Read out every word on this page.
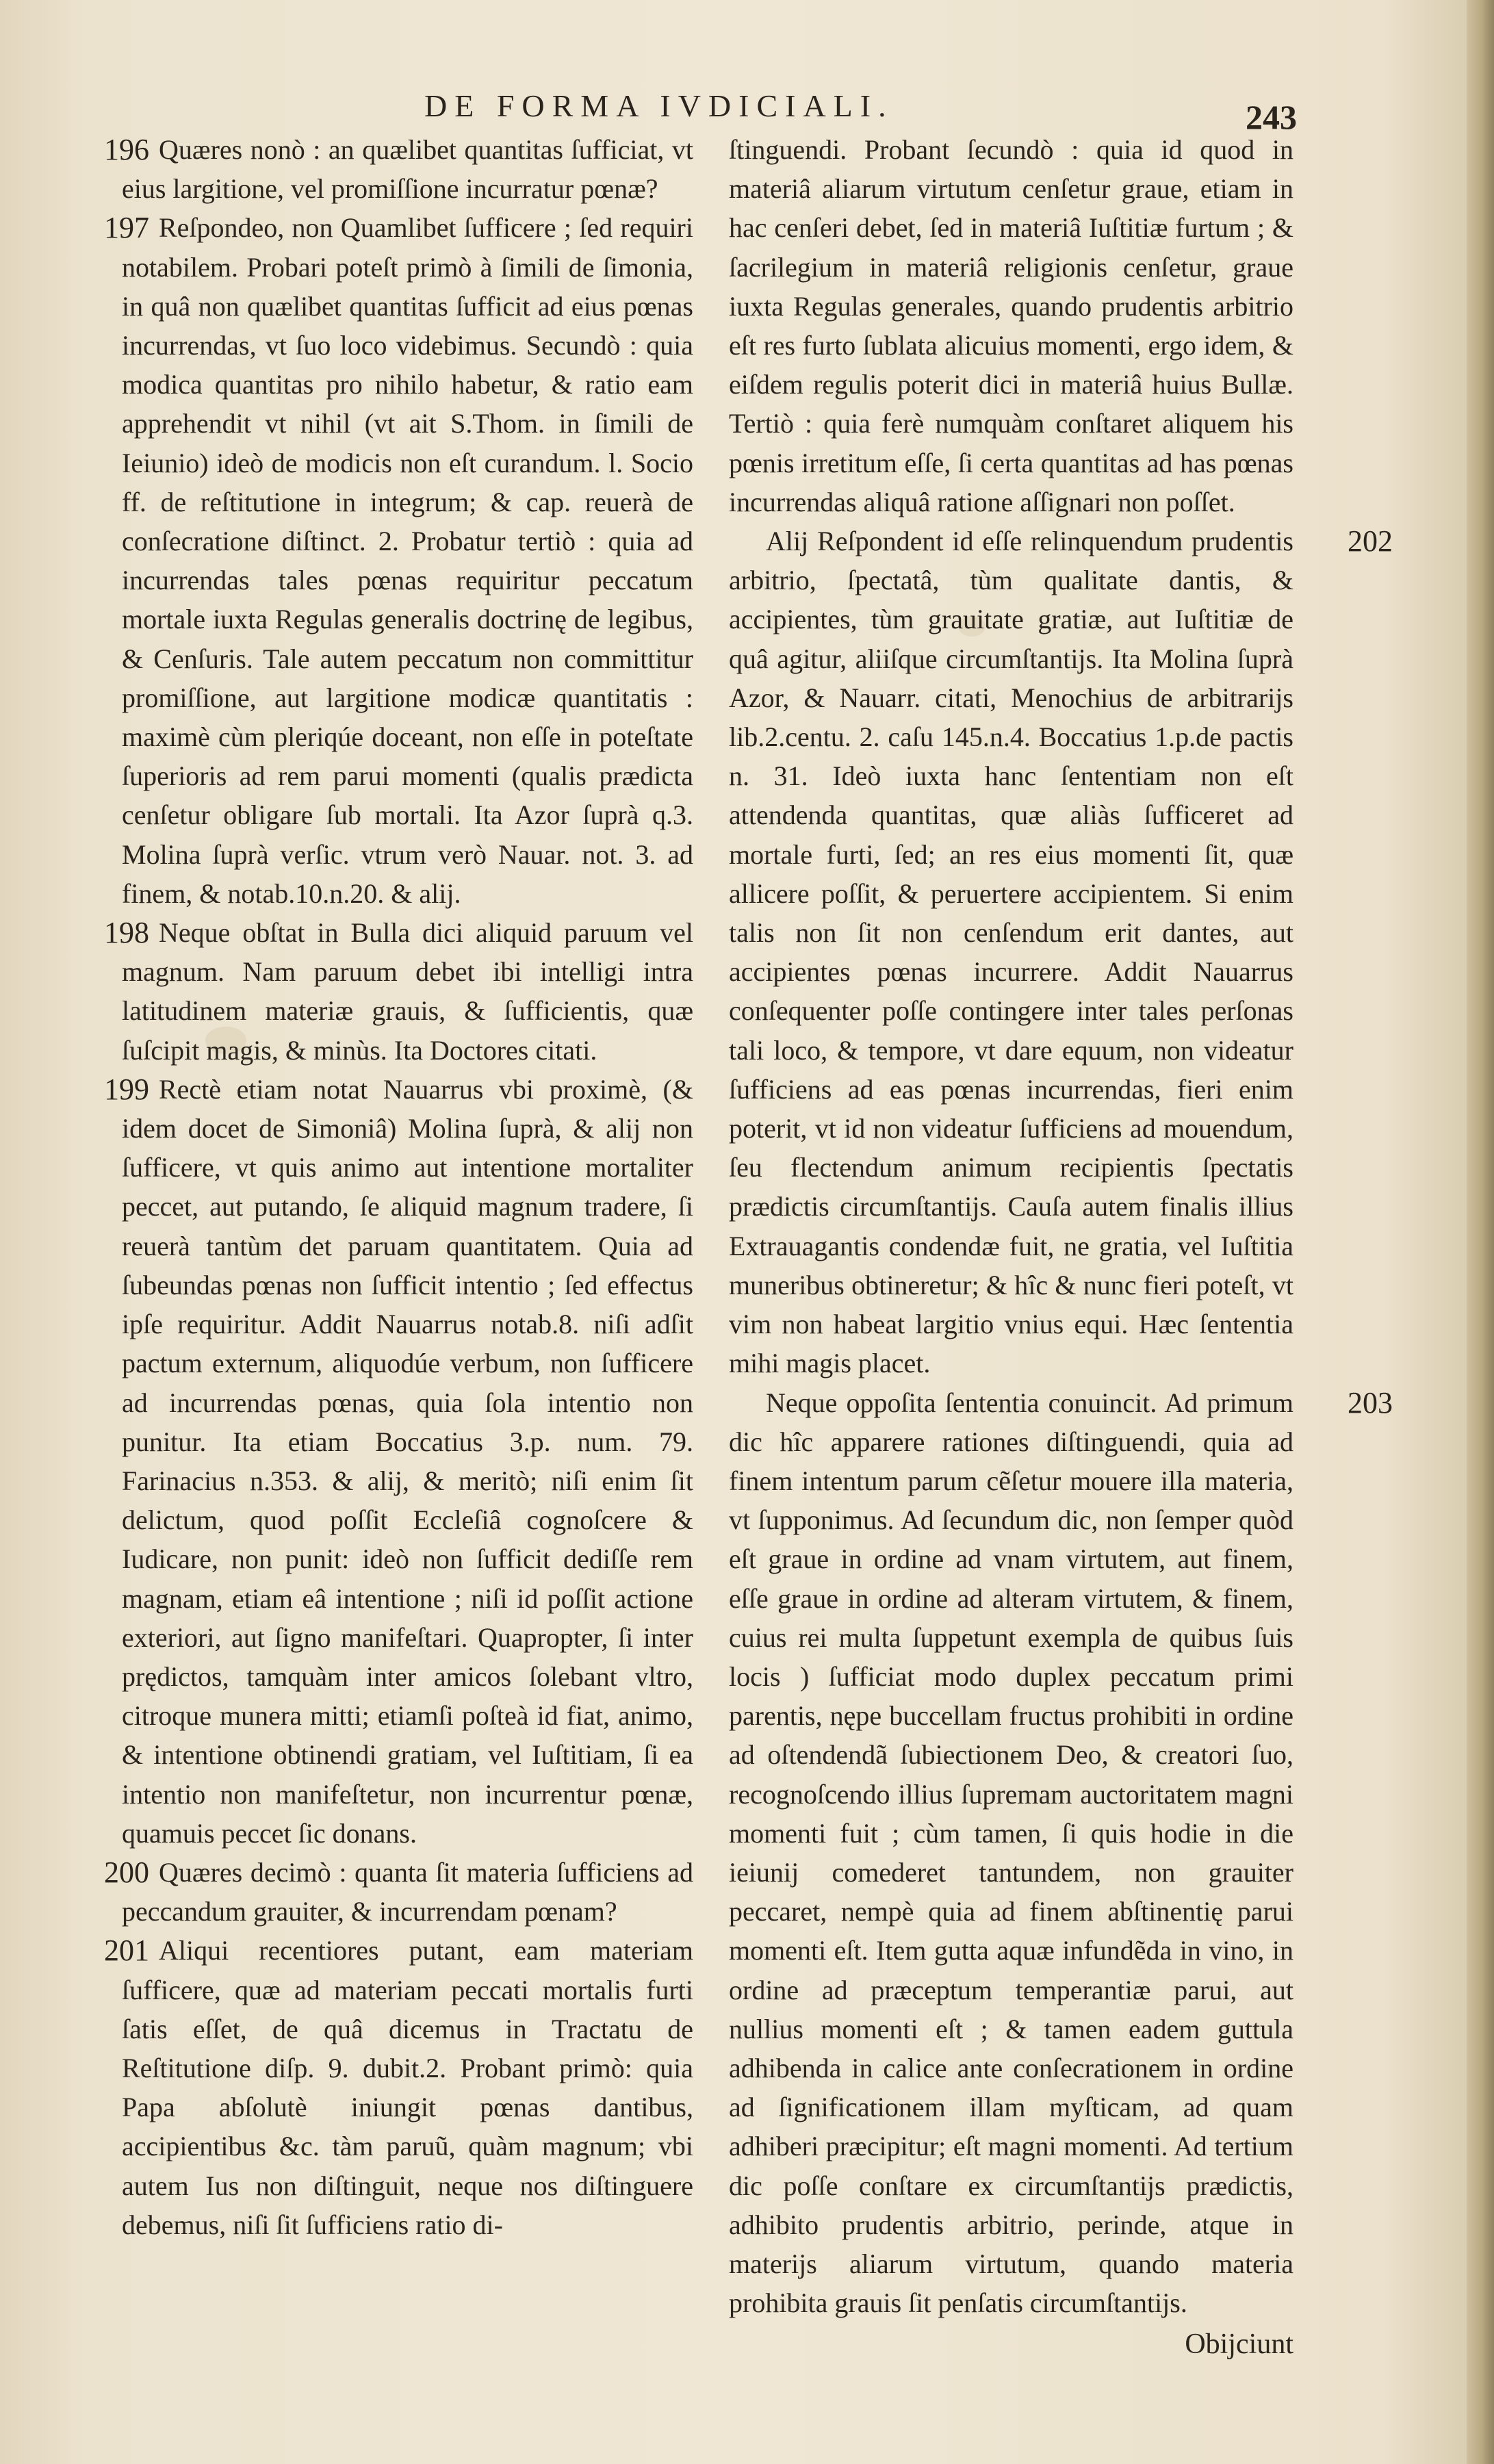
DE FORMA IVDICIALI.	243

196 Quæres nonò : an quælibet quantitas ſufficiat, vt eius largitione, vel promiſſione incurratur pœnæ?

197 Reſpondeo, non Quamlibet ſufficere ; ſed requiri notabilem. Probari poteſt primò à ſimili de ſimonia, in quâ non quælibet quantitas ſufficit ad eius pœnas incurrendas, vt ſuo loco videbimus. Secundò : quia modica quantitas pro nihilo habetur, & ratio eam apprehendit vt nihil (vt ait S.Thom. in ſimili de Ieiunio) ideò de modicis non eſt curandum. l. Socio ff. de reſtitutione in integrum; & cap. reuerà de conſecratione diſtinct. 2. Probatur tertiò : quia ad incurrendas tales pœnas requiritur peccatum mortale iuxta Regulas generalis doctrinę de legibus, & Cenſuris. Tale autem peccatum non committitur promiſſione, aut largitione modicæ quantitatis : maximè cùm pleriqúe doceant, non eſſe in poteſtate ſuperioris ad rem parui momenti (qualis prædicta cenſetur obligare ſub mortali. Ita Azor ſuprà q.3. Molina ſuprà verſic. vtrum verò Nauar. not. 3. ad finem, & notab.10.n.20. & alij.

198 Neque obſtat in Bulla dici aliquid paruum vel magnum. Nam paruum debet ibi intelligi intra latitudinem materiæ grauis, & ſufficientis, quæ ſuſcipit magis, & minùs. Ita Doctores citati.

199 Rectè etiam notat Nauarrus vbi proximè, (& idem docet de Simoniâ) Molina ſuprà, & alij non ſufficere, vt quis animo aut intentione mortaliter peccet, aut putando, ſe aliquid magnum tradere, ſi reuerà tantùm det paruam quantitatem. Quia ad ſubeundas pœnas non ſufficit intentio ; ſed effectus ipſe requiritur. Addit Nauarrus notab.8. niſi adſit pactum externum, aliquodúe verbum, non ſufficere ad incurrendas pœnas, quia ſola intentio non punitur. Ita etiam Boccatius 3.p. num. 79. Farinacius n.353. & alij, & meritò; niſi enim ſit delictum, quod poſſit Eccleſiâ cognoſcere & Iudicare, non punit: ideò non ſufficit dediſſe rem magnam, etiam eâ intentione ; niſi id poſſit actione exteriori, aut ſigno manifeſtari. Quapropter, ſi inter prędictos, tamquàm inter amicos ſolebant vltro, citroque munera mitti; etiamſi poſteà id fiat, animo, & intentione obtinendi gratiam, vel Iuſtitiam, ſi ea intentio non manifeſtetur, non incurrentur pœnæ, quamuis peccet ſic donans.

200 Quæres decimò : quanta ſit materia ſufficiens ad peccandum grauiter, & incurrendam pœnam?

201 Aliqui recentiores putant, eam materiam ſufficere, quæ ad materiam peccati mortalis furti ſatis eſſet, de quâ dicemus in Tractatu de Reſtitutione diſp. 9. dubit.2. Probant primò: quia Papa abſolutè iniungit pœnas dantibus, accipientibus &c. tàm paruũ, quàm magnum; vbi autem Ius non diſtinguit, neque nos diſtinguere debemus, niſi ſit ſufficiens ratio di-

ſtinguendi. Probant ſecundò : quia id quod in materiâ aliarum virtutum cenſetur graue, etiam in hac cenſeri debet, ſed in materiâ Iuſtitiæ furtum ; & ſacrilegium in materiâ religionis cenſetur, graue iuxta Regulas generales, quando prudentis arbitrio eſt res furto ſublata alicuius momenti, ergo idem, & eiſdem regulis poterit dici in materiâ huius Bullæ. Tertiò : quia ferè numquàm conſtaret aliquem his pœnis irretitum eſſe, ſi certa quantitas ad has pœnas incurrendas aliquâ ratione aſſignari non poſſet.

202
Alij Reſpondent id eſſe relinquendum prudentis arbitrio, ſpectatâ, tùm qualitate dantis, & accipientes, tùm grauitate gratiæ, aut Iuſtitiæ de quâ agitur, aliiſque circumſtantijs. Ita Molina ſuprà Azor, & Nauarr. citati, Menochius de arbitrarijs lib.2.centu. 2. caſu 145.n.4. Boccatius 1.p.de pactis n. 31. Ideò iuxta hanc ſententiam non eſt attendenda quantitas, quæ aliàs ſufficeret ad mortale furti, ſed; an res eius momenti ſit, quæ allicere poſſit, & peruertere accipientem. Si enim talis non ſit non cenſendum erit dantes, aut accipientes pœnas incurrere. Addit Nauarrus conſequenter poſſe contingere inter tales perſonas tali loco, & tempore, vt dare equum, non videatur ſufficiens ad eas pœnas incurrendas, fieri enim poterit, vt id non videatur ſufficiens ad mouendum, ſeu flectendum animum recipientis ſpectatis prædictis circumſtantijs. Cauſa autem finalis illius Extrauagantis condendæ fuit, ne gratia, vel Iuſtitia muneribus obtineretur; & hîc & nunc fieri poteſt, vt vim non habeat largitio vnius equi. Hæc ſententia mihi magis placet.

203
Neque oppoſita ſententia conuincit. Ad primum dic hîc apparere rationes diſtinguendi, quia ad finem intentum parum cẽſetur mouere illa materia, vt ſupponimus. Ad ſecundum dic, non ſemper quòd eſt graue in ordine ad vnam virtutem, aut finem, eſſe graue in ordine ad alteram virtutem, & finem, cuius rei multa ſuppetunt exempla de quibus ſuis locis ) ſufficiat modo duplex peccatum primi parentis, nępe buccellam fructus prohibiti in ordine ad oſtendendã ſubiectionem Deo, & creatori ſuo, recognoſcendo illius ſupremam auctoritatem magni momenti fuit ; cùm tamen, ſi quis hodie in die ieiunij comederet tantundem, non grauiter peccaret, nempè quia ad finem abſtinentię parui momenti eſt. Item gutta aquæ infundẽda in vino, in ordine ad præceptum temperantiæ parui, aut nullius momenti eſt ; & tamen eadem guttula adhibenda in calice ante conſecrationem in ordine ad ſignificationem illam myſticam, ad quam adhiberi præcipitur; eſt magni momenti. Ad tertium dic poſſe conſtare ex circumſtantijs prædictis, adhibito prudentis arbitrio, perinde, atque in materijs aliarum virtutum, quando materia prohibita grauis ſit penſatis circumſtantijs.

Obijciunt
